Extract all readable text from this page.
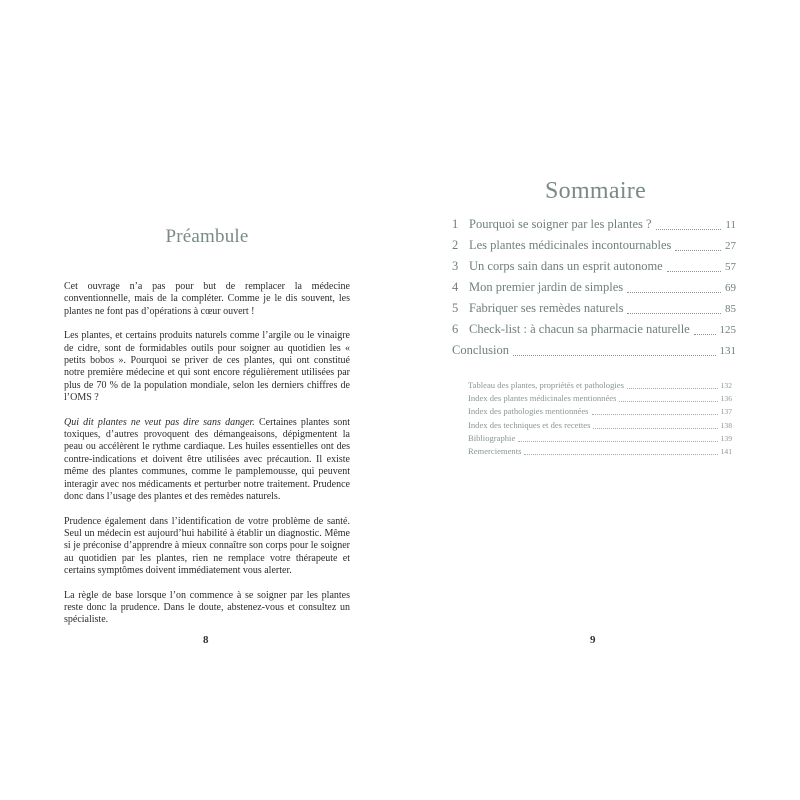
Préambule

Cet ouvrage n’a pas pour but de remplacer la médecine conventionnelle, mais de la compléter. Comme je le dis souvent, les plantes ne font pas d’opérations à cœur ouvert !

Les plantes, et certains produits naturels comme l’argile ou le vinaigre de cidre, sont de formidables outils pour soigner au quotidien les « petits bobos ». Pourquoi se priver de ces plantes, qui ont constitué notre première médecine et qui sont encore régulièrement utilisées par plus de 70 % de la population mondiale, selon les derniers chiffres de l’OMS ?

Qui dit plantes ne veut pas dire sans danger. Certaines plantes sont toxiques, d’autres provoquent des démangeaisons, dépigmentent la peau ou accélèrent le rythme cardiaque. Les huiles essentielles ont des contre-indications et doivent être utilisées avec précaution. Il existe même des plantes communes, comme le pamplemousse, qui peuvent interagir avec nos médicaments et perturber notre traitement. Prudence donc dans l’usage des plantes et des remèdes naturels.

Prudence également dans l’identification de votre problème de santé. Seul un médecin est aujourd’hui habilité à établir un diagnostic. Même si je préconise d’apprendre à mieux connaître son corps pour le soigner au quotidien par les plantes, rien ne remplace votre thérapeute et certains symptômes doivent immédiatement vous alerter.

La règle de base lorsque l’on commence à se soigner par les plantes reste donc la prudence. Dans le doute, abstenez-vous et consultez un spécialiste.

8
Sommaire
1 Pourquoi se soigner par les plantes ?	11
2 Les plantes médicinales incontournables	27
3 Un corps sain dans un esprit autonome	57
4 Mon premier jardin de simples	69
5 Fabriquer ses remèdes naturels	85
6 Check-list : à chacun sa pharmacie naturelle	125
Conclusion	131
Tableau des plantes, propriétés et pathologies	132
Index des plantes médicinales mentionnées	136
Index des pathologies mentionnées	137
Index des techniques et des recettes	138
Bibliographie	139
Remerciements	141
9
